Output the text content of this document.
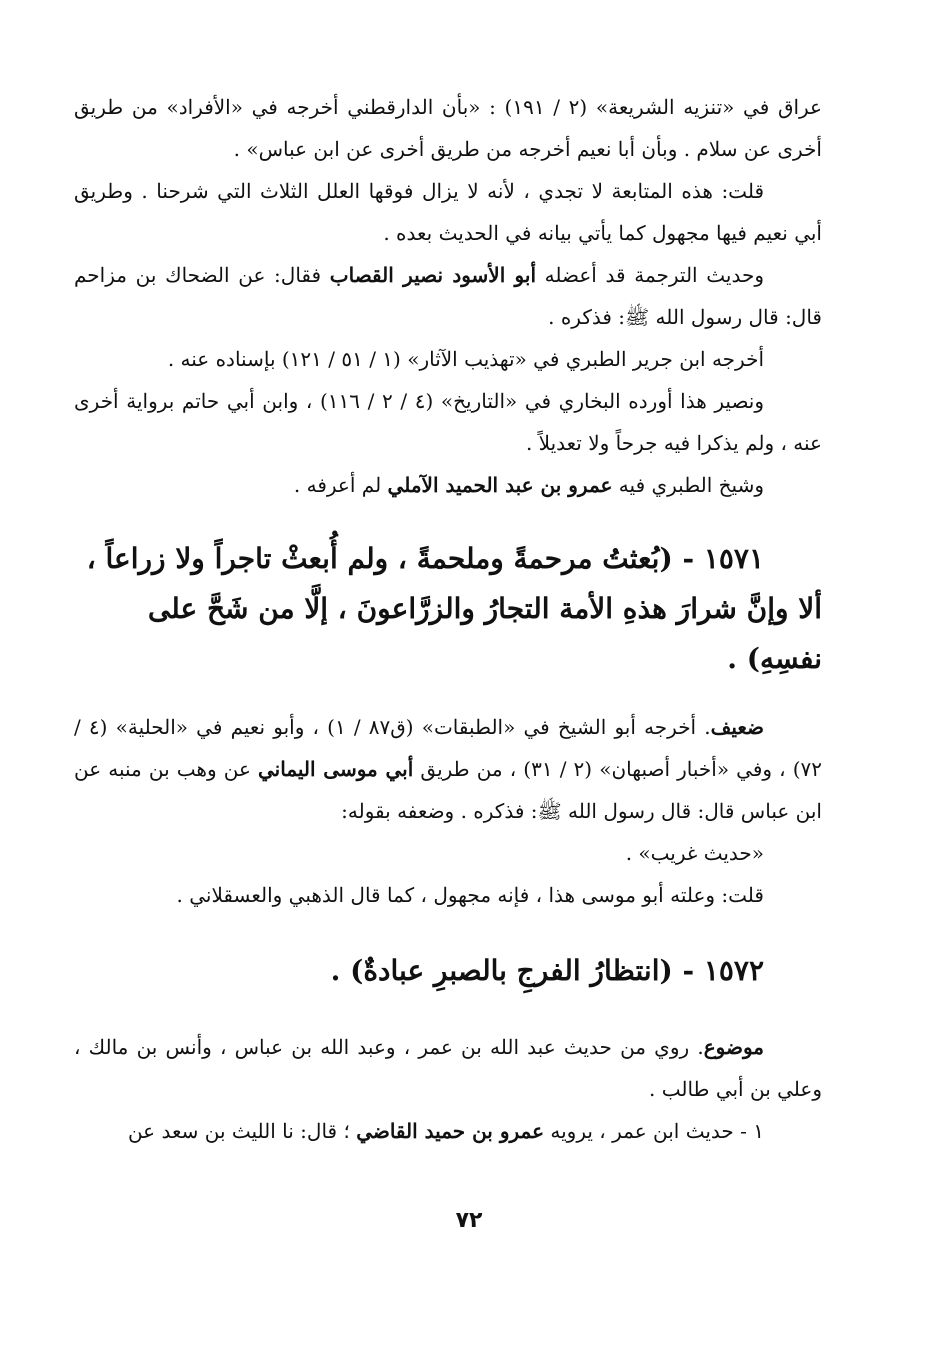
عراق في «تنزيه الشريعة» (٢ / ١٩١) : «بأن الدارقطني أخرجه في «الأفراد» من طريق أخرى عن سلام . وبأن أبا نعيم أخرجه من طريق أخرى عن ابن عباس» .

قلت: هذه المتابعة لا تجدي ، لأنه لا يزال فوقها العلل الثلاث التي شرحنا . وطريق أبي نعيم فيها مجهول كما يأتي بيانه في الحديث بعده .

وحديث الترجمة قد أعضله أبو الأسود نصير القصاب فقال: عن الضحاك بن مزاحم قال: قال رسول الله ﷺ: فذكره .

أخرجه ابن جرير الطبري في «تهذيب الآثار» (١ / ٥١ / ١٢١) بإسناده عنه .

ونصير هذا أورده البخاري في «التاريخ» (٤ / ٢ / ١١٦) ، وابن أبي حاتم برواية أخرى عنه ، ولم يذكرا فيه جرحاً ولا تعديلاً .

وشيخ الطبري فيه عمرو بن عبد الحميد الآملي لم أعرفه .

١٥٧١ - (بُعثتُ مرحمةً وملحمةً ، ولم أُبعثْ تاجراً ولا زراعاً ، ألا وإنَّ شرارَ هذهِ الأمة التجارُ والزرَّاعونَ ، إلَّا من شَحَّ على نفسِهِ) .

ضعيف. أخرجه أبو الشيخ في «الطبقات» (ق٨٧ / ١) ، وأبو نعيم في «الحلية» (٤ / ٧٢) ، وفي «أخبار أصبهان» (٢ / ٣١) ، من طريق أبي موسى اليماني عن وهب بن منبه عن ابن عباس قال: قال رسول الله ﷺ: فذكره . وضعفه بقوله:

«حديث غريب» .

قلت: وعلته أبو موسى هذا ، فإنه مجهول ، كما قال الذهبي والعسقلاني .

١٥٧٢ - (انتظارُ الفرجِ بالصبرِ عبادةٌ) .

موضوع. روي من حديث عبد الله بن عمر ، وعبد الله بن عباس ، وأنس بن مالك ، وعلي بن أبي طالب .

١ - حديث ابن عمر ، يرويه عمرو بن حميد القاضي ؛ قال: نا الليث بن سعد عن

٧٢
